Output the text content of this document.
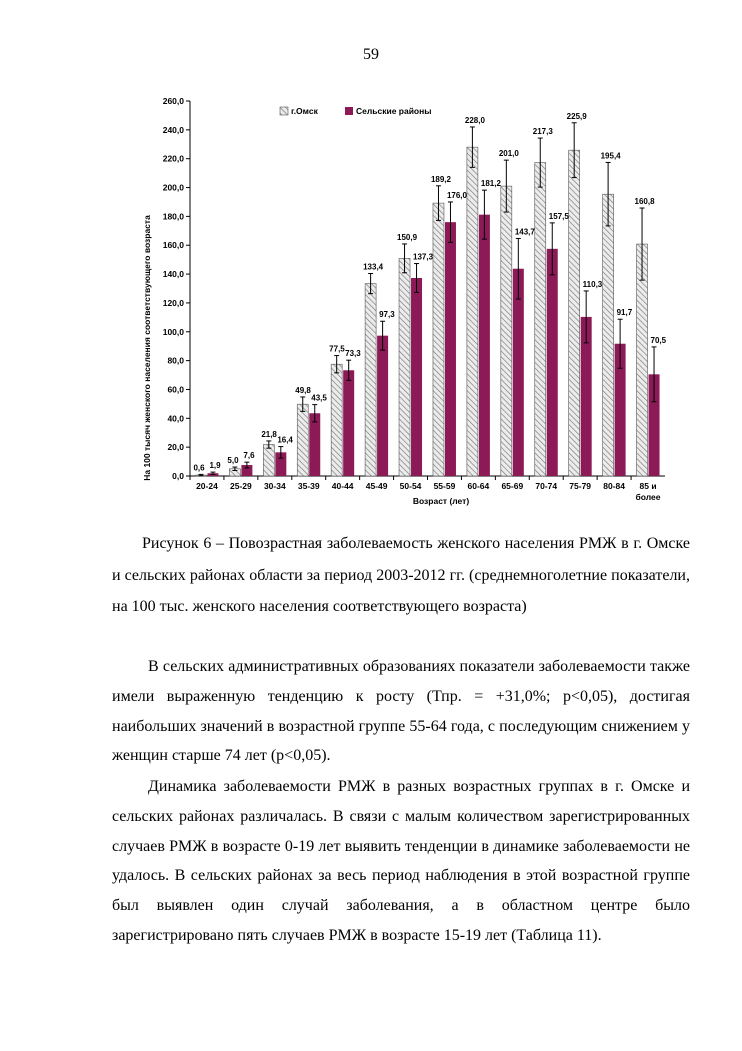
59
На 100 тысяч женского населения соответствующего возраста
Возраст (лет)
г.Омск	Сельские районы
0,0
20,0
40,0
60,0
80,0
100,0
120,0
140,0
160,0
180,0
200,0
220,0
240,0
260,0
20-24
0,6 1,9
25-29
5,0
7,6
30-34
21,8
16,4
35-39
49,8
43,5
40-44
77,5
73,3
45-49
133,4
97,3
50-54
150,9
137,3
55-59
189,2
176,0
60-64
228,0
181,2
65-69
201,0
143,7
70-74
217,3
157,5
75-79
225,9
110,3
80-84
195,4
91,7
85 и
более
160,8
70,5
Рисунок 6 – Повозрастная заболеваемость женского населения РМЖ в г. Омске и сельских районах области за период 2003-2012 гг. (среднемноголетние показатели, на 100 тыс. женского населения соответствующего возраста)
В сельских административных образованиях показатели заболеваемости также имели выраженную тенденцию к росту (Тпр. = +31,0%; p<0,05), достигая наибольших значений в возрастной группе 55-64 года, с последующим снижением у женщин старше 74 лет (p<0,05).
Динамика заболеваемости РМЖ в разных возрастных группах в г. Омске и сельских районах различалась. В связи с малым количеством зарегистрированных случаев РМЖ в возрасте 0-19 лет выявить тенденции в динамике заболеваемости не удалось. В сельских районах за весь период наблюдения в этой возрастной группе был выявлен один случай заболевания, а в областном центре было зарегистрировано пять случаев РМЖ в возрасте 15-19 лет (Таблица 11).
